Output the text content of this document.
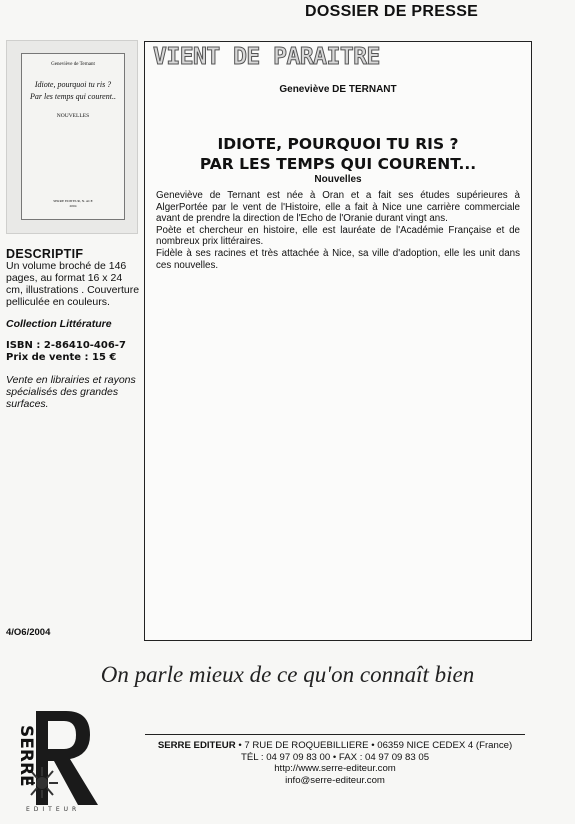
DOSSIER DE PRESSE
Geneviève de Ternant
Idiote, pourquoi tu ris ?
Par les temps qui courent..
NOUVELLES
SERRE EDITEUR, N. ACE
2004
DESCRIPTIF
Un volume broché de 146 pages, au format 16 x 24 cm, illustrations . Couverture pelliculée en couleurs.
Collection Littérature
ISBN : 2-86410-406-7
Prix de vente : 15 €
Vente en librairies et rayons spécialisés des grandes surfaces.
4/O6/2004
VIENT DE PARAITRE
Geneviève DE TERNANT
IDIOTE, POURQUOI TU RIS ?
PAR LES TEMPS QUI COURENT...
Nouvelles

Geneviève de Ternant est née à Oran et a fait ses études supérieures à AlgerPortée par le vent de l'Histoire, elle a fait à Nice une carrière commerciale avant de prendre la direction de l'Echo de l'Oranie durant vingt ans.

Poète et chercheur en histoire, elle est lauréate de l'Académie Française et de nombreux prix littéraires.

Fidèle à ses racines et très attachée à Nice, sa ville d'adoption, elle les unit dans ces nouvelles.

On parle mieux de ce qu'on connaît bien
SERRE
EDITEUR
SERRE EDITEUR • 7 RUE DE ROQUEBILLIERE • 06359 NICE CEDEX 4 (France)
TÉL : 04 97 09 83 00 • FAX : 04 97 09 83 05
http://www.serre-editeur.com
info@serre-editeur.com
